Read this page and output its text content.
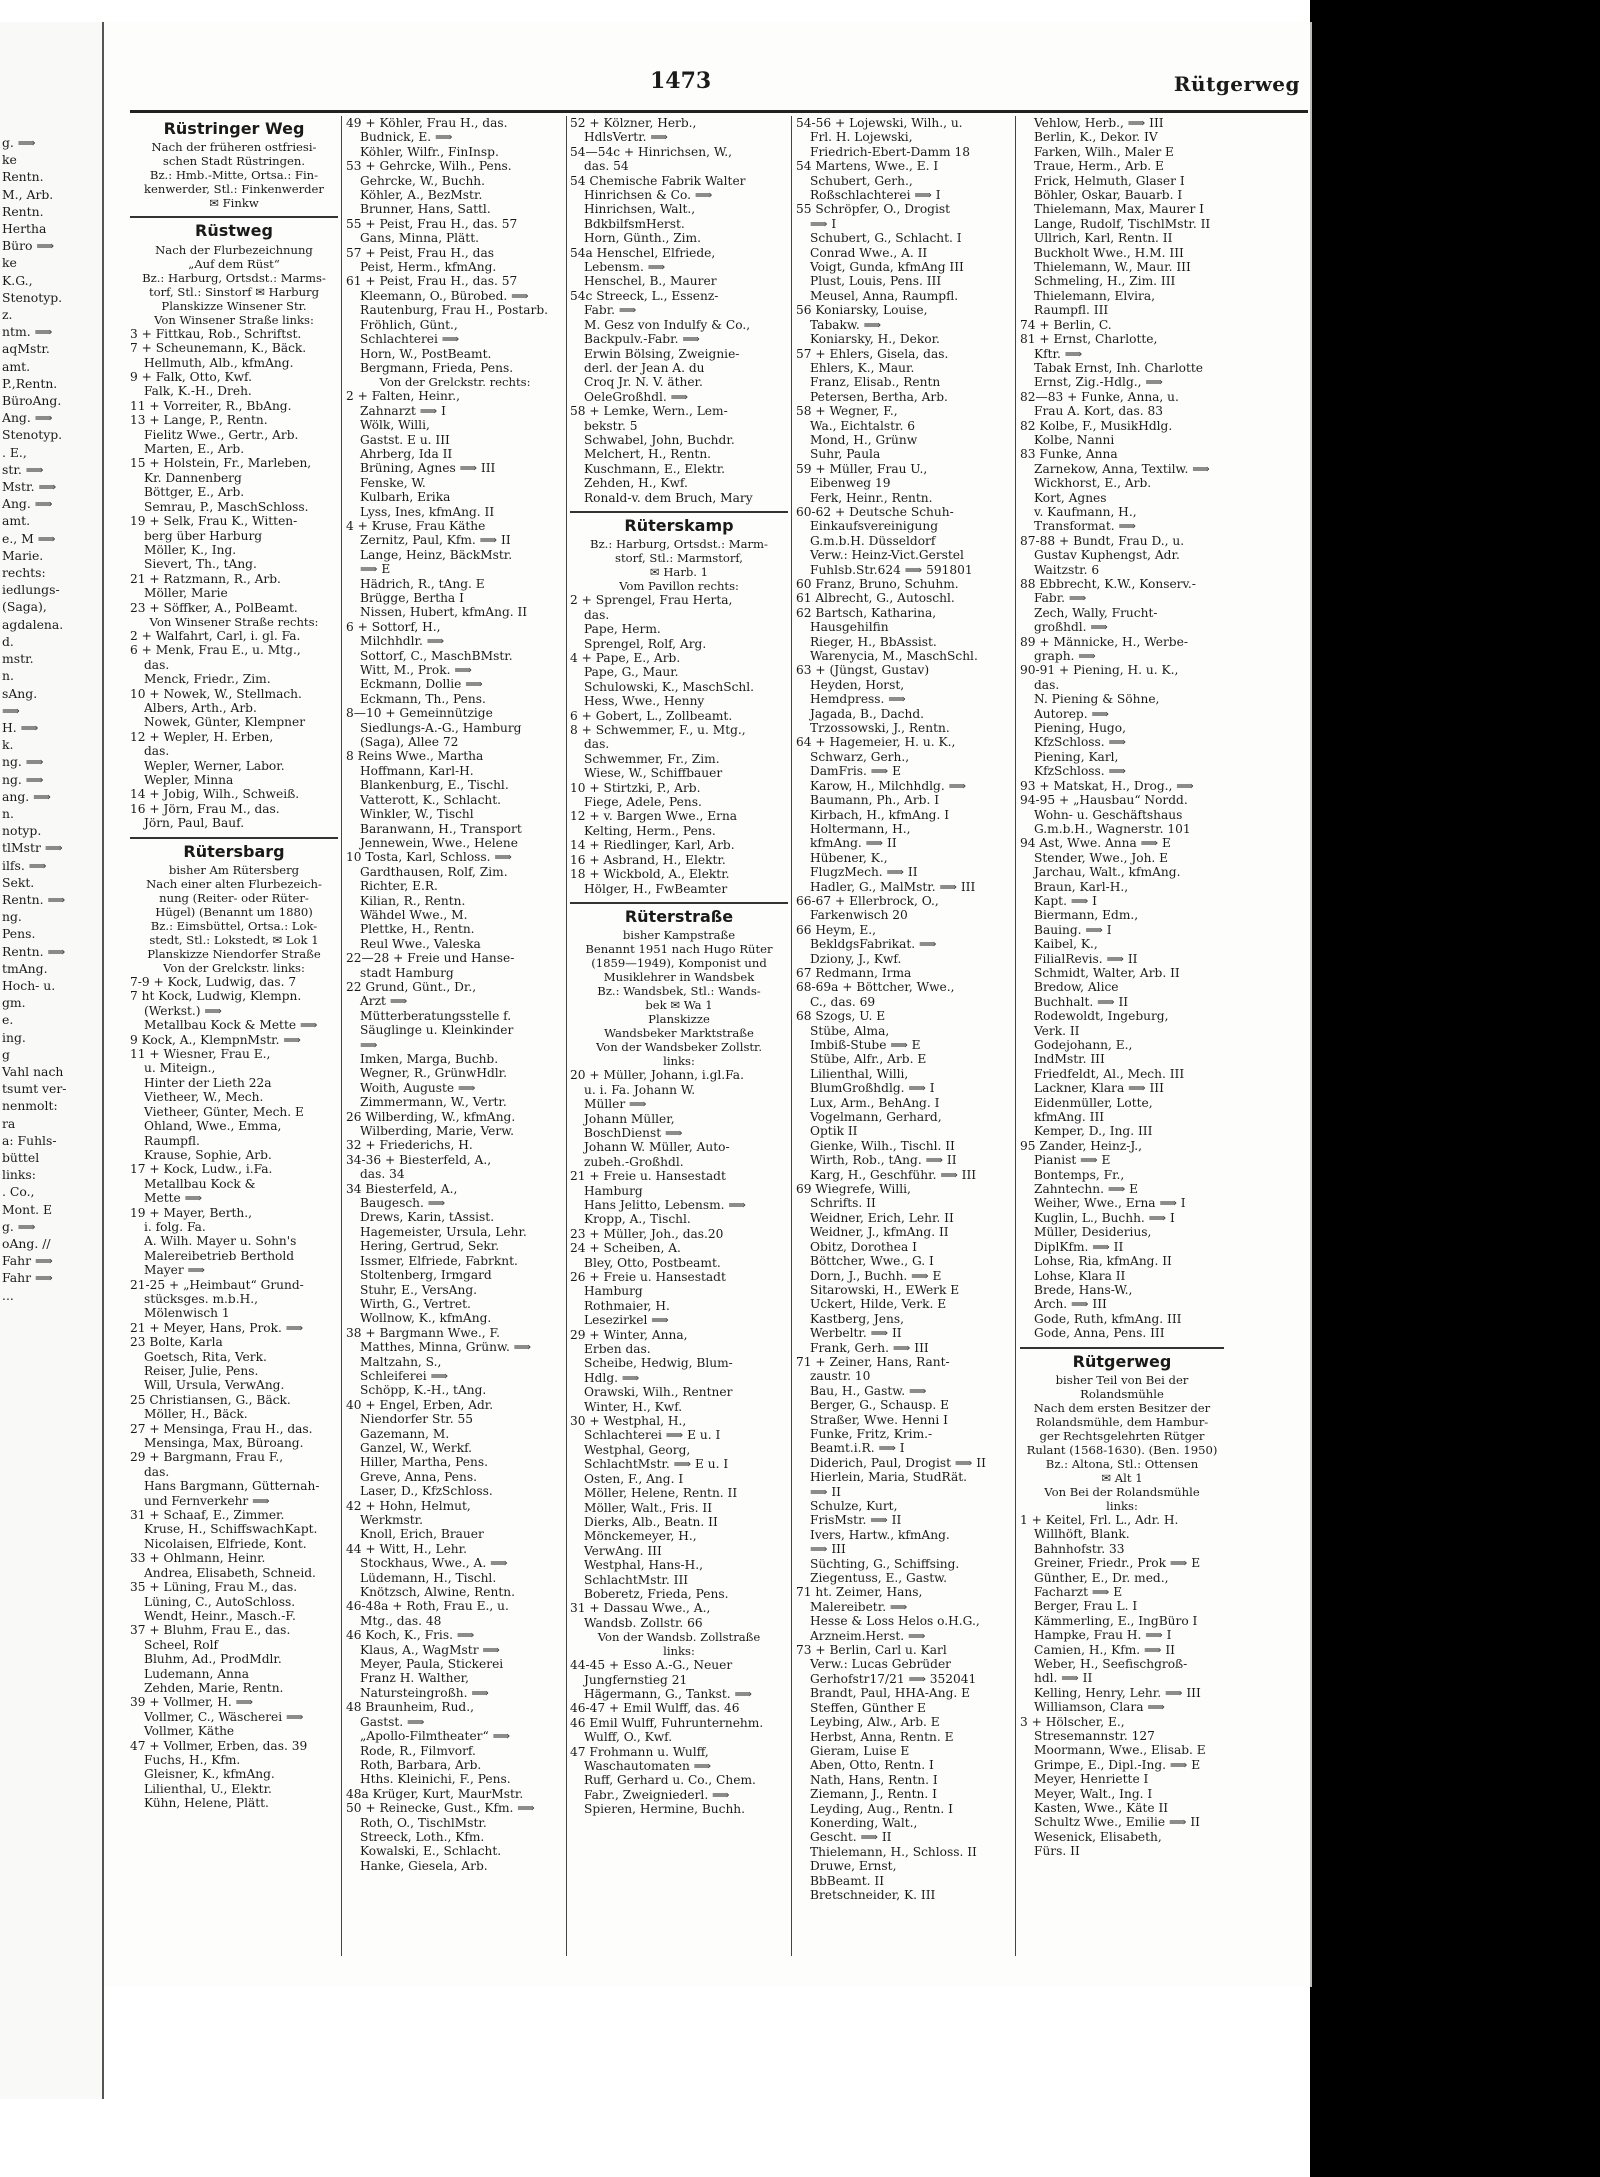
g. ⟹
ke
Rentn.
M., Arb.
Rentn.
Hertha
Büro ⟹
ke
K.G.,
Stenotyp.
z.
ntm. ⟹
aqMstr.
amt.
P.,Rentn.
BüroAng.
Ang. ⟹
Stenotyp.
. E.,
str. ⟹
Mstr. ⟹
Ang. ⟹
amt.
e., M ⟹
Marie.
rechts:
iedlungs-
(Saga),
agdalena.
d.
mstr.
n.
sAng.
⟹
H. ⟹
k.
ng. ⟹
ng. ⟹
ang. ⟹
n.
notyp.
tlMstr ⟹
ilfs. ⟹
Sekt.
Rentn. ⟹
ng.
Pens.
Rentn. ⟹
tmAng.
Hoch- u.
gm.
e.
ing.
g
Vahl nach
tsumt ver-
nenmolt:
ra
a: Fuhls-
büttel
links:
. Co.,
Mont. E
g. ⟹
oAng. //
Fahr ⟹
Fahr ⟹
...
1473	Rütgerweg
Rüstringer Weg
Nach der früheren ostfriesi-
schen Stadt Rüstringen.
Bz.: Hmb.-Mitte, Ortsa.: Fin-
kenwerder, Stl.: Finkenwerder
✉ Finkw
Rüstweg
Nach der Flurbezeichnung
„Auf dem Rüst“
Bz.: Harburg, Ortsdst.: Marms-
torf, Stl.: Sinstorf ✉ Harburg
Planskizze Winsener Str.
Von Winsener Straße links:
3 + Fittkau, Rob., Schriftst.
7 + Scheunemann, K., Bäck.
Hellmuth, Alb., kfmAng.
9 + Falk, Otto, Kwf.
Falk, K.-H., Dreh.
11 + Vorreiter, R., BbAng.
13 + Lange, P., Rentn.
Fielitz Wwe., Gertr., Arb.
Marten, E., Arb.
15 + Holstein, Fr., Marleben,
Kr. Dannenberg
Böttger, E., Arb.
Semrau, P., MaschSchloss.
19 + Selk, Frau K., Witten-
berg über Harburg
Möller, K., Ing.
Sievert, Th., tAng.
21 + Ratzmann, R., Arb.
Möller, Marie
23 + Söffker, A., PolBeamt.
Von Winsener Straße rechts:
2 + Walfahrt, Carl, i. gl. Fa.
6 + Menk, Frau E., u. Mtg.,
das.
Menck, Friedr., Zim.
10 + Nowek, W., Stellmach.
Albers, Arth., Arb.
Nowek, Günter, Klempner
12 + Wepler, H. Erben,
das.
Wepler, Werner, Labor.
Wepler, Minna
14 + Jobig, Wilh., Schweiß.
16 + Jörn, Frau M., das.
Jörn, Paul, Bauf.
Rütersbarg
bisher Am Rütersberg
Nach einer alten Flurbezeich-
nung (Reiter- oder Rüter-
Hügel) (Benannt um 1880)
Bz.: Eimsbüttel, Ortsa.: Lok-
stedt, Stl.: Lokstedt, ✉ Lok 1
Planskizze Niendorfer Straße
Von der Grelckstr. links:
7-9 + Kock, Ludwig, das. 7
7 ht Kock, Ludwig, Klempn.
(Werkst.) ⟹
Metallbau Kock & Mette ⟹
9 Kock, A., KlempnMstr. ⟹
11 + Wiesner, Frau E.,
u. Miteign.,
Hinter der Lieth 22a
Vietheer, W., Mech.
Vietheer, Günter, Mech. E
Ohland, Wwe., Emma,
Raumpfl.
Krause, Sophie, Arb.
17 + Kock, Ludw., i.Fa.
Metallbau Kock &
Mette ⟹
19 + Mayer, Berth.,
i. folg. Fa.
A. Wilh. Mayer u. Sohn's
Malereibetrieb Berthold
Mayer ⟹
21-25 + „Heimbaut“ Grund-
stücksges. m.b.H.,
Mölenwisch 1
21 + Meyer, Hans, Prok. ⟹
23 Bolte, Karla
Goetsch, Rita, Verk.
Reiser, Julie, Pens.
Will, Ursula, VerwAng.
25 Christiansen, G., Bäck.
Möller, H., Bäck.
27 + Mensinga, Frau H., das.
Mensinga, Max, Büroang.
29 + Bargmann, Frau F.,
das.
Hans Bargmann, Gütternah-
und Fernverkehr ⟹
31 + Schaaf, E., Zimmer.
Kruse, H., SchiffswachKapt.
Nicolaisen, Elfriede, Kont.
33 + Ohlmann, Heinr.
Andrea, Elisabeth, Schneid.
35 + Lüning, Frau M., das.
Lüning, C., AutoSchloss.
Wendt, Heinr., Masch.-F.
37 + Bluhm, Frau E., das.
Scheel, Rolf
Bluhm, Ad., ProdMdlr.
Ludemann, Anna
Zehden, Marie, Rentn.
39 + Vollmer, H. ⟹
Vollmer, C., Wäscherei ⟹
Vollmer, Käthe
47 + Vollmer, Erben, das. 39
Fuchs, H., Kfm.
Gleisner, K., kfmAng.
Lilienthal, U., Elektr.
Kühn, Helene, Plätt.
49 + Köhler, Frau H., das.
Budnick, E. ⟹
Köhler, Wilfr., FinInsp.
53 + Gehrcke, Wilh., Pens.
Gehrcke, W., Buchh.
Köhler, A., BezMstr.
Brunner, Hans, Sattl.
55 + Peist, Frau H., das. 57
Gans, Minna, Plätt.
57 + Peist, Frau H., das
Peist, Herm., kfmAng.
61 + Peist, Frau H., das. 57
Kleemann, O., Bürobed. ⟹
Rautenburg, Frau H., Postarb.
Fröhlich, Günt.,
Schlachterei ⟹
Horn, W., PostBeamt.
Bergmann, Frieda, Pens.
Von der Grelckstr. rechts:
2 + Falten, Heinr.,
Zahnarzt ⟹ I
Wölk, Willi,
Gastst. E u. III
Ahrberg, Ida II
Brüning, Agnes ⟹ III
Fenske, W.
Kulbarh, Erika
Lyss, Ines, kfmAng. II
4 + Kruse, Frau Käthe
Zernitz, Paul, Kfm. ⟹ II
Lange, Heinz, BäckMstr.
⟹ E
Hädrich, R., tAng. E
Brügge, Bertha I
Nissen, Hubert, kfmAng. II
6 + Sottorf, H.,
Milchhdlr. ⟹
Sottorf, C., MaschBMstr.
Witt, M., Prok. ⟹
Eckmann, Dollie ⟹
Eckmann, Th., Pens.
8—10 + Gemeinnützige
Siedlungs-A.-G., Hamburg
(Saga), Allee 72
8 Reins Wwe., Martha
Hoffmann, Karl-H.
Blankenburg, E., Tischl.
Vatterott, K., Schlacht.
Winkler, W., Tischl
Baranwann, H., Transport
Jennewein, Wwe., Helene
10 Tosta, Karl, Schloss. ⟹
Gardthausen, Rolf, Zim.
Richter, E.R.
Kilian, R., Rentn.
Wähdel Wwe., M.
Plettke, H., Rentn.
Reul Wwe., Valeska
22—28 + Freie und Hanse-
stadt Hamburg
22 Grund, Günt., Dr.,
Arzt ⟹
Mütterberatungsstelle f.
Säuglinge u. Kleinkinder
⟹
Imken, Marga, Buchb.
Wegner, R., GrünwHdlr.
Woith, Auguste ⟹
Zimmermann, W., Vertr.
26 Wilberding, W., kfmAng.
Wilberding, Marie, Verw.
32 + Friederichs, H.
34-36 + Biesterfeld, A.,
das. 34
34 Biesterfeld, A.,
Baugesch. ⟹
Drews, Karin, tAssist.
Hagemeister, Ursula, Lehr.
Hering, Gertrud, Sekr.
Issmer, Elfriede, Fabrknt.
Stoltenberg, Irmgard
Stuhr, E., VersAng.
Wirth, G., Vertret.
Wollnow, K., kfmAng.
38 + Bargmann Wwe., F.
Matthes, Minna, Grünw. ⟹
Maltzahn, S.,
Schleiferei ⟹
Schöpp, K.-H., tAng.
40 + Engel, Erben, Adr.
Niendorfer Str. 55
Gazemann, M.
Ganzel, W., Werkf.
Hiller, Martha, Pens.
Greve, Anna, Pens.
Laser, D., KfzSchloss.
42 + Hohn, Helmut,
Werkmstr.
Knoll, Erich, Brauer
44 + Witt, H., Lehr.
Stockhaus, Wwe., A. ⟹
Lüdemann, H., Tischl.
Knötzsch, Alwine, Rentn.
46-48a + Roth, Frau E., u.
Mtg., das. 48
46 Koch, K., Fris. ⟹
Klaus, A., WagMstr ⟹
Meyer, Paula, Stickerei
Franz H. Walther,
Natursteingroßh. ⟹
48 Braunheim, Rud.,
Gastst. ⟹
„Apollo-Filmtheater“ ⟹
Rode, R., Filmvorf.
Roth, Barbara, Arb.
Hths. Kleinichi, F., Pens.
48a Krüger, Kurt, MaurMstr.
50 + Reinecke, Gust., Kfm. ⟹
Roth, O., TischlMstr.
Streeck, Loth., Kfm.
Kowalski, E., Schlacht.
Hanke, Giesela, Arb.
52 + Kölzner, Herb.,
HdlsVertr. ⟹
54—54c + Hinrichsen, W.,
das. 54
54 Chemische Fabrik Walter
Hinrichsen & Co. ⟹
Hinrichsen, Walt.,
BdkbilfsmHerst.
Horn, Günth., Zim.
54a Henschel, Elfriede,
Lebensm. ⟹
Henschel, B., Maurer
54c Streeck, L., Essenz-
Fabr. ⟹
M. Gesz von Indulfy & Co.,
Backpulv.-Fabr. ⟹
Erwin Bölsing, Zweignie-
derl. der Jean A. du
Croq Jr. N. V. äther.
OeleGroßhdl. ⟹
58 + Lemke, Wern., Lem-
bekstr. 5
Schwabel, John, Buchdr.
Melchert, H., Rentn.
Kuschmann, E., Elektr.
Zehden, H., Kwf.
Ronald-v. dem Bruch, Mary
Rüterskamp
Bz.: Harburg, Ortsdst.: Marm-
storf, Stl.: Marmstorf,
✉ Harb. 1
Vom Pavillon rechts:
2 + Sprengel, Frau Herta,
das.
Pape, Herm.
Sprengel, Rolf, Arg.
4 + Pape, E., Arb.
Pape, G., Maur.
Schulowski, K., MaschSchl.
Hess, Wwe., Henny
6 + Gobert, L., Zollbeamt.
8 + Schwemmer, F., u. Mtg.,
das.
Schwemmer, Fr., Zim.
Wiese, W., Schiffbauer
10 + Stirtzki, P., Arb.
Fiege, Adele, Pens.
12 + v. Bargen Wwe., Erna
Kelting, Herm., Pens.
14 + Riedlinger, Karl, Arb.
16 + Asbrand, H., Elektr.
18 + Wickbold, A., Elektr.
Hölger, H., FwBeamter
Rüterstraße
bisher Kampstraße
Benannt 1951 nach Hugo Rüter
(1859—1949), Komponist und
Musiklehrer in Wandsbek
Bz.: Wandsbek, Stl.: Wands-
bek ✉ Wa 1
Planskizze
Wandsbeker Marktstraße
Von der Wandsbeker Zollstr.
links:
20 + Müller, Johann, i.gl.Fa.
u. i. Fa. Johann W.
Müller ⟹
Johann Müller,
BoschDienst ⟹
Johann W. Müller, Auto-
zubeh.-Großhdl.
21 + Freie u. Hansestadt
Hamburg
Hans Jelitto, Lebensm. ⟹
Kropp, A., Tischl.
23 + Müller, Joh., das.20
24 + Scheiben, A.
Bley, Otto, Postbeamt.
26 + Freie u. Hansestadt
Hamburg
Rothmaier, H.
Lesezirkel ⟹
29 + Winter, Anna,
Erben das.
Scheibe, Hedwig, Blum-
Hdlg. ⟹
Orawski, Wilh., Rentner
Winter, H., Kwf.
30 + Westphal, H.,
Schlachterei ⟹ E u. I
Westphal, Georg,
SchlachtMstr. ⟹ E u. I
Osten, F., Ang. I
Möller, Helene, Rentn. II
Möller, Walt., Fris. II
Dierks, Alb., Beatn. II
Mönckemeyer, H.,
VerwAng. III
Westphal, Hans-H.,
SchlachtMstr. III
Boberetz, Frieda, Pens.
31 + Dassau Wwe., A.,
Wandsb. Zollstr. 66
Von der Wandsb. Zollstraße
links:
44-45 + Esso A.-G., Neuer
Jungfernstieg 21
Hägermann, G., Tankst. ⟹
46-47 + Emil Wulff, das. 46
46 Emil Wulff, Fuhrunternehm.
Wulff, O., Kwf.
47 Frohmann u. Wulff,
Waschautomaten ⟹
Ruff, Gerhard u. Co., Chem.
Fabr., Zweigniederl. ⟹
Spieren, Hermine, Buchh.
54-56 + Lojewski, Wilh., u.
Frl. H. Lojewski,
Friedrich-Ebert-Damm 18
54 Martens, Wwe., E. I
Schubert, Gerh.,
Roßschlachterei ⟹ I
55 Schröpfer, O., Drogist
⟹ I
Schubert, G., Schlacht. I
Conrad Wwe., A. II
Voigt, Gunda, kfmAng III
Plust, Louis, Pens. III
Meusel, Anna, Raumpfl.
56 Koniarsky, Louise,
Tabakw. ⟹
Koniarsky, H., Dekor.
57 + Ehlers, Gisela, das.
Ehlers, K., Maur.
Franz, Elisab., Rentn
Petersen, Bertha, Arb.
58 + Wegner, F.,
Wa., Eichtalstr. 6
Mond, H., Grünw
Suhr, Paula
59 + Müller, Frau U.,
Eibenweg 19
Ferk, Heinr., Rentn.
60-62 + Deutsche Schuh-
Einkaufsvereinigung
G.m.b.H. Düsseldorf
Verw.: Heinz-Vict.Gerstel
Fuhlsb.Str.624 ⟹ 591801
60 Franz, Bruno, Schuhm.
61 Albrecht, G., Autoschl.
62 Bartsch, Katharina,
Hausgehilfin
Rieger, H., BbAssist.
Warenycia, M., MaschSchl.
63 + (Jüngst, Gustav)
Heyden, Horst,
Hemdpress. ⟹
Jagada, B., Dachd.
Trzossowski, J., Rentn.
64 + Hagemeier, H. u. K.,
Schwarz, Gerh.,
DamFris. ⟹ E
Karow, H., Milchhdlg. ⟹
Baumann, Ph., Arb. I
Kirbach, H., kfmAng. I
Holtermann, H.,
kfmAng. ⟹ II
Hübener, K.,
FlugzMech. ⟹ II
Hadler, G., MalMstr. ⟹ III
66-67 + Ellerbrock, O.,
Farkenwisch 20
66 Heym, E.,
BekldgsFabrikat. ⟹
Dziony, J., Kwf.
67 Redmann, Irma
68-69a + Böttcher, Wwe.,
C., das. 69
68 Szogs, U. E
Stübe, Alma,
Imbiß-Stube ⟹ E
Stübe, Alfr., Arb. E
Lilienthal, Willi,
BlumGroßhdlg. ⟹ I
Lux, Arm., BehAng. I
Vogelmann, Gerhard,
Optik II
Gienke, Wilh., Tischl. II
Wirth, Rob., tAng. ⟹ II
Karg, H., Geschführ. ⟹ III
69 Wiegrefe, Willi,
Schrifts. II
Weidner, Erich, Lehr. II
Weidner, J., kfmAng. II
Obitz, Dorothea I
Böttcher, Wwe., G. I
Dorn, J., Buchh. ⟹ E
Sitarowski, H., EWerk E
Uckert, Hilde, Verk. E
Kastberg, Jens,
Werbeltr. ⟹ II
Frank, Gerh. ⟹ III
71 + Zeiner, Hans, Rant-
zaustr. 10
Bau, H., Gastw. ⟹
Berger, G., Schausp. E
Straßer, Wwe. Henni I
Funke, Fritz, Krim.-
Beamt.i.R. ⟹ I
Diderich, Paul, Drogist ⟹ II
Hierlein, Maria, StudRät.
⟹ II
Schulze, Kurt,
FrisMstr. ⟹ II
Ivers, Hartw., kfmAng.
⟹ III
Süchting, G., Schiffsing.
Ziegentuss, E., Gastw.
71 ht. Zeimer, Hans,
Malereibetr. ⟹
Hesse & Loss Helos o.H.G.,
Arzneim.Herst. ⟹
73 + Berlin, Carl u. Karl
Verw.: Lucas Gebrüder
Gerhofstr17/21 ⟹ 352041
Brandt, Paul, HHA-Ang. E
Steffen, Günther E
Leybing, Alw., Arb. E
Herbst, Anna, Rentn. E
Gieram, Luise E
Aben, Otto, Rentn. I
Nath, Hans, Rentn. I
Ziemann, J., Rentn. I
Leyding, Aug., Rentn. I
Konerding, Walt.,
Gescht. ⟹ II
Thielemann, H., Schloss. II
Druwe, Ernst,
BbBeamt. II
Bretschneider, K. III
Vehlow, Herb., ⟹ III
Berlin, K., Dekor. IV
Farken, Wilh., Maler E
Traue, Herm., Arb. E
Frick, Helmuth, Glaser I
Böhler, Oskar, Bauarb. I
Thielemann, Max, Maurer I
Lange, Rudolf, TischlMstr. II
Ullrich, Karl, Rentn. II
Buckholt Wwe., H.M. III
Thielemann, W., Maur. III
Schmeling, H., Zim. III
Thielemann, Elvira,
Raumpfl. III
74 + Berlin, C.
81 + Ernst, Charlotte,
Kftr. ⟹
Tabak Ernst, Inh. Charlotte
Ernst, Zig.-Hdlg., ⟹
82—83 + Funke, Anna, u.
Frau A. Kort, das. 83
82 Kolbe, F., MusikHdlg.
Kolbe, Nanni
83 Funke, Anna
Zarnekow, Anna, Textilw. ⟹
Wickhorst, E., Arb.
Kort, Agnes
v. Kaufmann, H.,
Transformat. ⟹
87-88 + Bundt, Frau D., u.
Gustav Kuphengst, Adr.
Waitzstr. 6
88 Ebbrecht, K.W., Konserv.-
Fabr. ⟹
Zech, Wally, Frucht-
großhdl. ⟹
89 + Männicke, H., Werbe-
graph. ⟹
90-91 + Piening, H. u. K.,
das.
N. Piening & Söhne,
Autorep. ⟹
Piening, Hugo,
KfzSchloss. ⟹
Piening, Karl,
KfzSchloss. ⟹
93 + Matskat, H., Drog., ⟹
94-95 + „Hausbau“ Nordd.
Wohn- u. Geschäftshaus
G.m.b.H., Wagnerstr. 101
94 Ast, Wwe. Anna ⟹ E
Stender, Wwe., Joh. E
Jarchau, Walt., kfmAng.
Braun, Karl-H.,
Kapt. ⟹ I
Biermann, Edm.,
Bauing. ⟹ I
Kaibel, K.,
FilialRevis. ⟹ II
Schmidt, Walter, Arb. II
Bredow, Alice
Buchhalt. ⟹ II
Rodewoldt, Ingeburg,
Verk. II
Godejohann, E.,
IndMstr. III
Friedfeldt, Al., Mech. III
Lackner, Klara ⟹ III
Eidenmüller, Lotte,
kfmAng. III
Kemper, D., Ing. III
95 Zander, Heinz-J.,
Pianist ⟹ E
Bontemps, Fr.,
Zahntechn. ⟹ E
Weiher, Wwe., Erna ⟹ I
Kuglin, L., Buchh. ⟹ I
Müller, Desiderius,
DiplKfm. ⟹ II
Lohse, Ria, kfmAng. II
Lohse, Klara II
Brede, Hans-W.,
Arch. ⟹ III
Gode, Ruth, kfmAng. III
Gode, Anna, Pens. III
Rütgerweg
bisher Teil von Bei der
Rolandsmühle
Nach dem ersten Besitzer der
Rolandsmühle, dem Hambur-
ger Rechtsgelehrten Rütger
Rulant (1568-1630). (Ben. 1950)
Bz.: Altona, Stl.: Ottensen
✉ Alt 1
Von Bei der Rolandsmühle
links:
1 + Keitel, Frl. L., Adr. H.
Willhöft, Blank.
Bahnhofstr. 33
Greiner, Friedr., Prok ⟹ E
Günther, E., Dr. med.,
Facharzt ⟹ E
Berger, Frau L. I
Kämmerling, E., IngBüro I
Hampke, Frau H. ⟹ I
Camien, H., Kfm. ⟹ II
Weber, H., Seefischgroß-
hdl. ⟹ II
Kelling, Henry, Lehr. ⟹ III
Williamson, Clara ⟹
3 + Hölscher, E.,
Stresemannstr. 127
Moormann, Wwe., Elisab. E
Grimpe, E., Dipl.-Ing. ⟹ E
Meyer, Henriette I
Meyer, Walt., Ing. I
Kasten, Wwe., Käte II
Schultz Wwe., Emilie ⟹ II
Wesenick, Elisabeth,
Fürs. II
